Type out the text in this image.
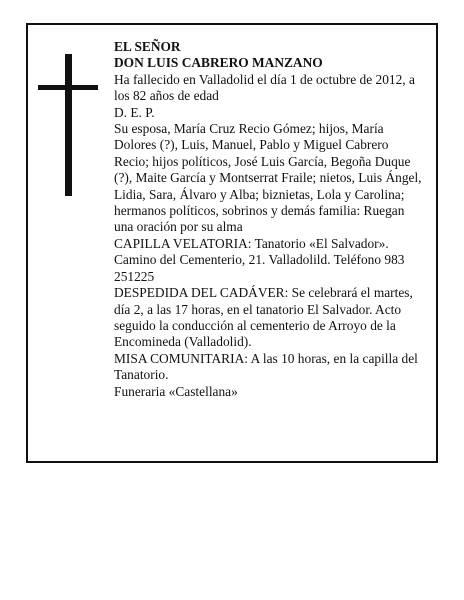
EL SEÑOR

DON LUIS CABRERO MANZANO

Ha fallecido en Valladolid el día 1 de octubre de 2012, a los 82 años de edad

D. E. P.

Su esposa, María Cruz Recio Gómez; hijos, María Dolores (?), Luis, Manuel, Pablo y Miguel Cabrero Recio; hijos políticos, José Luis García, Begoña Duque (?), Maite García y Montserrat Fraile; nietos, Luis Ángel, Lidia, Sara, Álvaro y Alba; biznietas, Lola y Carolina; hermanos políticos, sobrinos y demás familia: Ruegan una oración por su alma

CAPILLA VELATORIA: Tanatorio «El Salvador». Camino del Cementerio, 21. Valladolild. Teléfono 983 251225

DESPEDIDA DEL CADÁVER: Se celebrará el martes, día 2, a las 17 horas, en el tanatorio El Salvador. Acto seguido la conducción al cementerio de Arroyo de la Encomineda (Valladolid).

MISA COMUNITARIA: A las 10 horas, en la capilla del Tanatorio.

Funeraria «Castellana»
